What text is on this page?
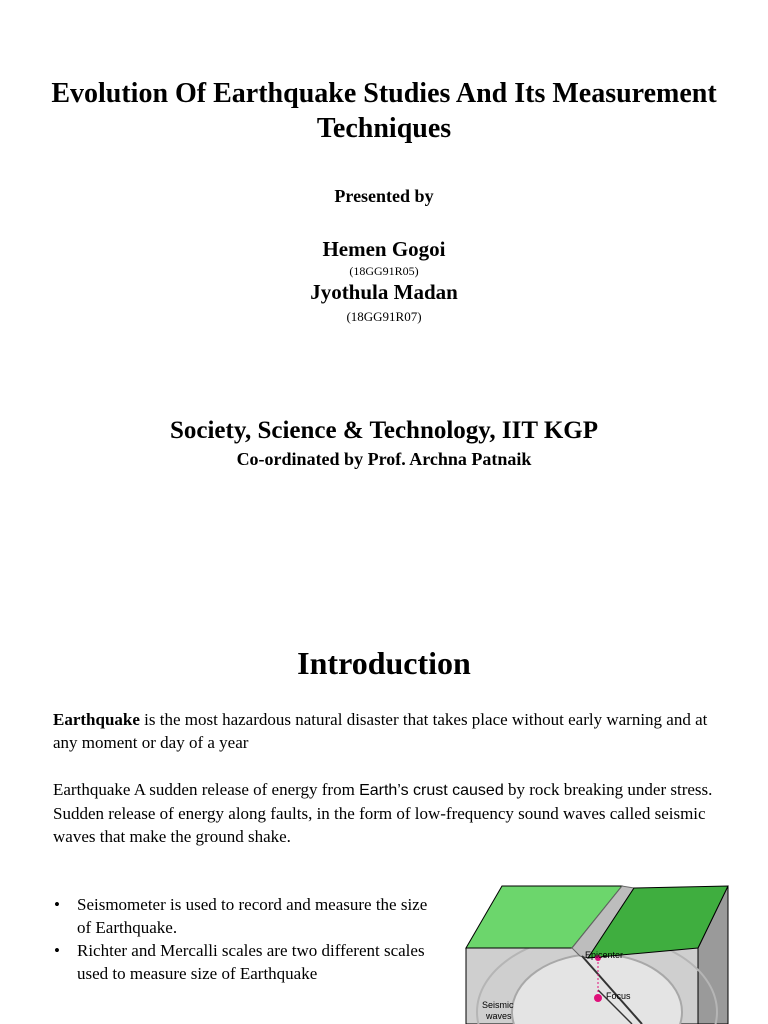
Evolution Of Earthquake Studies And Its Measurement Techniques
Presented by
Hemen Gogoi
(18GG91R05)
Jyothula Madan
(18GG91R07)
Society, Science & Technology, IIT KGP
Co-ordinated by Prof. Archna Patnaik
Introduction
Earthquake is the most hazardous natural disaster that takes place without early warning and at any moment or day of a year
Earthquake A sudden release of energy from Earth’s crust caused by rock breaking under stress. Sudden release of energy along faults, in the form of low-frequency sound waves called seismic waves that make the ground shake.
• Seismometer is used to record and measure the size of Earthquake.
• Richter and Mercalli scales are two different scales used to measure size of Earthquake
Epicenter
Focus
Seismic
waves
